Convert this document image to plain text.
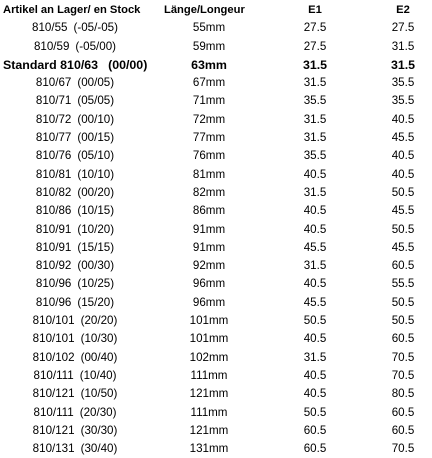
Artikel an Lager/ en Stock	Länge/Longeur	E1	E2
810/55 (-05/-05)	55mm	27.5	27.5
810/59 (-05/00)	59mm	27.5	31.5
Standard 810/63 (00/00)	63mm	31.5	31.5
810/67 (00/05)	67mm	31.5	35.5
810/71 (05/05)	71mm	35.5	35.5
810/72 (00/10)	72mm	31.5	40.5
810/77 (00/15)	77mm	31.5	45.5
810/76 (05/10)	76mm	35.5	40.5
810/81 (10/10)	81mm	40.5	40.5
810/82 (00/20)	82mm	31.5	50.5
810/86 (10/15)	86mm	40.5	45.5
810/91 (10/20)	91mm	40.5	50.5
810/91 (15/15)	91mm	45.5	45.5
810/92 (00/30)	92mm	31.5	60.5
810/96 (10/25)	96mm	40.5	55.5
810/96 (15/20)	96mm	45.5	50.5
810/101 (20/20)	101mm	50.5	50.5
810/101 (10/30)	101mm	40.5	60.5
810/102 (00/40)	102mm	31.5	70.5
810/111 (10/40)	111mm	40.5	70.5
810/121 (10/50)	121mm	40.5	80.5
810/111 (20/30)	111mm	50.5	60.5
810/121 (30/30)	121mm	60.5	60.5
810/131 (30/40)	131mm	60.5	70.5
